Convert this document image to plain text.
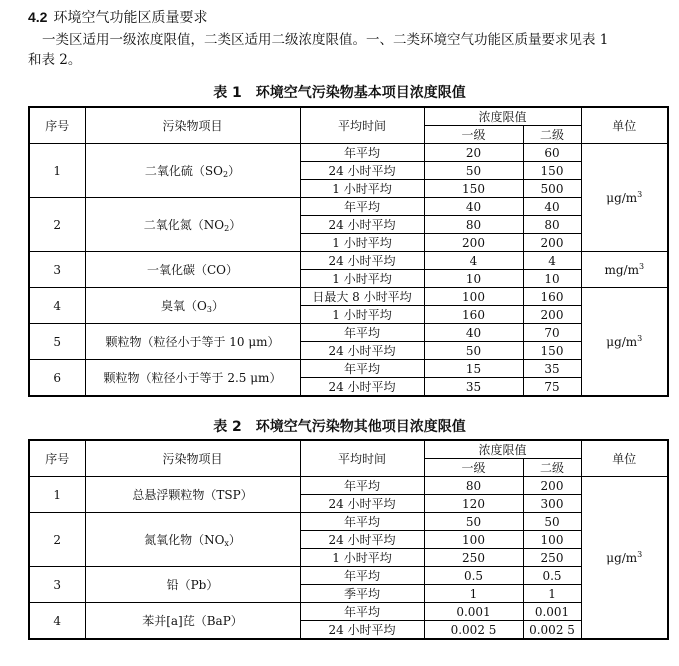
4.2 环境空气功能区质量要求
一类区适用一级浓度限值，二类区适用二级浓度限值。一、二类环境空气功能区质量要求见表 1
和表 2。
表 1　环境空气污染物基本项目浓度限值
序号	污染物项目	平均时间	浓度限值		单位
			一级	二级	
1	二氧化硫$(SO_2)$	年平均	20	60	$\mu g/m^3$
		24 小时平均	50	150	
		1 小时平均	150	500	
2	二氧化氮$(NO_2)$	年平均	40	40	
		24 小时平均	80	80	
		1 小时平均	200	200	
3	一氧化碳（CO）	24 小时平均	4	4	$mg/m^3$
		1 小时平均	10	10	
4	臭氧$(O_3)$	日最大 8 小时平均	100	160	$\mu g/m^3$
		1 小时平均	160	200	
5	颗粒物（粒径小于等于 10 μm）	年平均	40	70	
		24 小时平均	50	150	
6	颗粒物（粒径小于等于 2.5 μm）	年平均	15	35	
		24 小时平均	35	75	
表 2　环境空气污染物其他项目浓度限值
序号	污染物项目	平均时间	浓度限值		单位
			一级	二级	
1	总悬浮颗粒物（TSP）	年平均	80	200	$\mu g/m^3$
		24 小时平均	120	300	
2	氮氧化物$(NO_x)$	年平均	50	50	
		24 小时平均	100	100	
		1 小时平均	250	250	
3	铅（Pb）	年平均	0.5	0.5	
		季平均	1	1	
4	苯并[a]芘（BaP）	年平均	0.001	0.001	
		24 小时平均	0.002 5	0.002 5	
